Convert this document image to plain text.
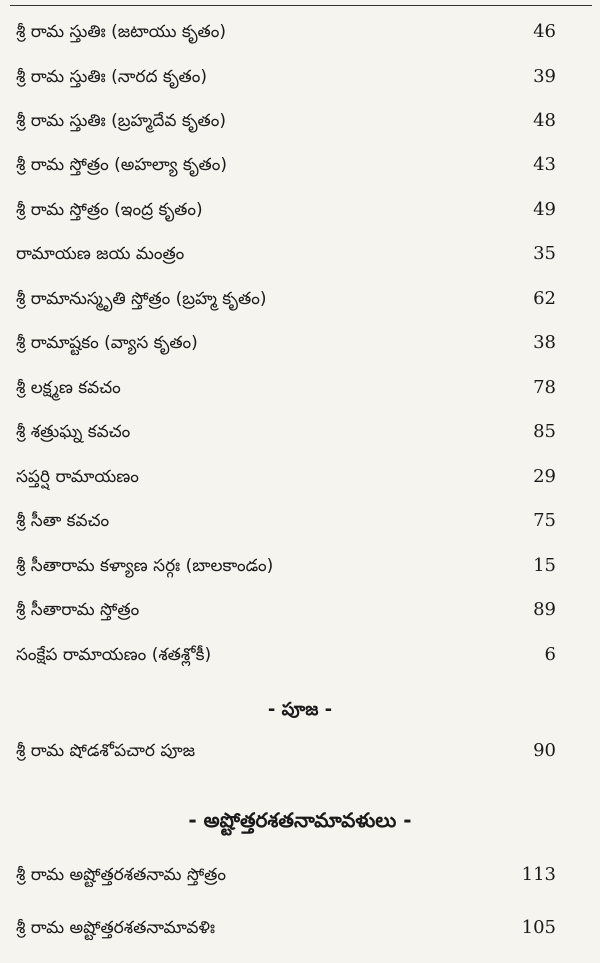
శ్రీ రామ స్తుతిః (జటాయు కృతం)	46
శ్రీ రామ స్తుతిః (నారద కృతం)	39
శ్రీ రామ స్తుతిః (బ్రహ్మదేవ కృతం)	48
శ్రీ రామ స్తోత్రం (అహల్యా కృతం)	43
శ్రీ రామ స్తోత్రం (ఇంద్ర కృతం)	49
రామాయణ జయ మంత్రం	35
శ్రీ రామానుస్మృతి స్తోత్రం (బ్రహ్మ కృతం)	62
శ్రీ రామాష్టకం (వ్యాస కృతం)	38
శ్రీ లక్ష్మణ కవచం	78
శ్రీ శత్రుఘ్న కవచం	85
సప్తర్షి రామాయణం	29
శ్రీ సీతా కవచం	75
శ్రీ సీతారామ కళ్యాణ సర్గః (బాలకాండం)	15
శ్రీ సీతారామ స్తోత్రం	89
సంక్షేప రామాయణం (శతశ్లోకీ)	6
- పూజ -
శ్రీ రామ షోడశోపచార పూజ	90
- అష్టోత్తరశతనామావళులు -
శ్రీ రామ అష్టోత్తరశతనామ స్తోత్రం	113
శ్రీ రామ అష్టోత్తరశతనామావళిః	105
